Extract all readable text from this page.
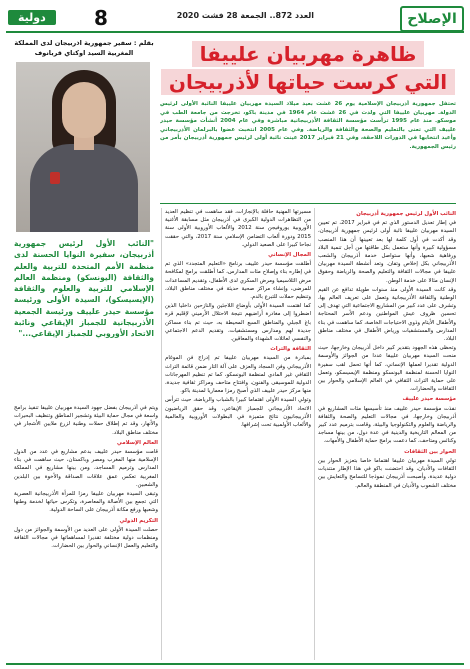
الإصلاح
العدد 872.. الجمعة 28 فشت 2020
8
دولية
بقلم : سفير جمهورية اذربيجان لدى المملكة المغربية السيد اوكتاي قربانوف
"النائب الأول لرئيس جمهورية أذربيجان، سفيرة النوايا الحسنة لدى منظمة الأمم المتحدة للتربية والعلم والثقافة (اليونسكو) ومنظمة العالم الإسلامي للتربية والعلوم والثقافة (الإيسيسكو)، السيدة الأولى ورئيسة مؤسسة حيدر علييف ورئيسة الجمعية الأذربيجانية للجمباز الإيقاعي ونائبة الاتحاد الأوروبي للجمباز الإيقاعي..."
ظاهرة مهربيان علييفا
التي كرست حياتها لأذربيجان
تحتفل جمهورية أذربيجان الإسلامية يوم 26 غشت بعيد ميلاد السيدة مهربيان علييفا النائبة الأولى لرئيس الدولة. مهربيان علييفا التي ولدت في 26 غشت عام 1964 في مدينة باكو، تخرجت من جامعة الطب في موسكو. منذ عام 1995 ترأست مؤسسة الثقافة الأذربيجانية مباشرة وفي عام 2004 أنشأت مؤسسة حيدر علييف التي تعنى بالتعليم والصحة والثقافة والرياضة. وفي عام 2005 انتخبت عضوا بالبرلمان الأذربيجاني وأعيد انتخابها في الدورات اللاحقة، وفي 21 فبراير 2017 عينت نائبة أولى لرئيس جمهورية أذربيجان بأمر من رئيس الجمهورية.

النائب الأول لرئيس جمهورية أذربيجان

في إطار تعديل الدستور الذي تم في فبراير 2017، تم تعيين السيدة مهربيان علييفا نائبة أولى لرئيس جمهورية أذربيجان، وقد أكدت في أول كلمة لها بعد تعيينها أن هذا المنصب مسؤولية كبيرة وأنها ستعمل بكل طاقتها من أجل تنمية البلاد ورفاهية شعبها، وأنها ستواصل خدمة أذربيجان والشعب الأذربيجاني بكل إخلاص وتفان. وتعد أنشطة السيدة مهربيان علييفا في مجالات الثقافة والتعليم والصحة والرياضة وحقوق الإنسان مثالا على خدمة الوطن.

وقد كانت السيدة الأولى منذ سنوات طويلة تدافع عن القيم الوطنية والثقافة الأذربيجانية وتعمل على تعريف العالم بها، وتشرف على عدد كبير من المشاريع الاجتماعية التي تهدف إلى تحسين ظروف عيش المواطنين ودعم الأسر المحتاجة والأطفال الأيتام وذوي الاحتياجات الخاصة، كما ساهمت في بناء المدارس والمستشفيات ورياض الأطفال في مختلف مناطق البلاد.

وتحظى هذه الجهود بتقدير كبير داخل أذربيجان وخارجها، حيث منحت السيدة مهربيان علييفا عددا من الجوائز والأوسمة الدولية تقديرا لعملها الإنساني، كما أنها تحمل لقب سفيرة النوايا الحسنة لمنظمة اليونسكو ومنظمة الإيسيسكو، وتعمل على حماية التراث الثقافي في العالم الإسلامي والحوار بين الثقافات والحضارات.

مؤسسة حيدر علييف

نفذت مؤسسة حيدر علييف منذ تأسيسها مئات المشاريع في أذربيجان وخارجها، في مجالات التعليم والصحة والثقافة والرياضة والعلوم والتكنولوجيا والبيئة، وقامت بترميم عدد كبير من المعالم التاريخية والدينية في عدة دول، من بينها مساجد وكنائس ومتاحف، كما دعمت برامج حماية الأطفال والأمهات.

الحوار بين الثقافات

تولي السيدة مهربيان علييفا اهتماما خاصا بتعزيز الحوار بين الثقافات والأديان، وقد احتضنت باكو في هذا الإطار منتديات دولية عديدة، وأصبحت أذربيجان نموذجا للتسامح والتعايش بين مختلف الشعوب والأديان في المنطقة والعالم.

مسيرتها المهنية حافلة بالإنجازات، فقد ساهمت في تنظيم العديد من التظاهرات الدولية الكبرى في أذربيجان مثل مسابقة الأغنية الأوروبية يوروفيجن سنة 2012 والألعاب الأوروبية الأولى سنة 2015 ودورة ألعاب التضامن الإسلامي سنة 2017، والتي حققت نجاحا كبيرا على الصعيد الدولي.

المجال الإنساني

أطلقت مؤسسة حيدر علييف برنامج «التعليم المتجدد» الذي تم في إطاره بناء وإصلاح مئات المدارس، كما أطلقت برامج لمكافحة مرض الثلاسيميا ومرض السكري لدى الأطفال، وتقديم المساعدات للمرضى، وإنشاء مراكز صحية حديثة في مختلف مناطق البلاد، وتنظيم حملات للتبرع بالدم.

كما اهتمت السيدة الأولى بأوضاع اللاجئين والنازحين داخليا الذين اضطروا إلى مغادرة أراضيهم نتيجة الاحتلال الأرميني لإقليم قره باغ الجبلي والمناطق السبع المحيطة به، حيث تم بناء مساكن جديدة لهم ومدارس ومستشفيات، وتقديم الدعم الاجتماعي والنفسي لعائلات الشهداء والمعاقين.

الثقافة والتراث

بمبادرة من السيدة مهربيان علييفا تم إدراج فن الموغام الأذربيجاني وفن السجاد والعزف على آلة التار ضمن قائمة التراث الثقافي غير المادي لمنظمة اليونسكو، كما تم تنظيم المهرجانات الدولية للموسيقى والفنون، وافتتاح متاحف ومراكز ثقافية جديدة، منها مركز حيدر علييف الذي أصبح رمزا معماريا لمدينة باكو.

وتولي السيدة الأولى اهتماما كبيرا بالشباب والرياضة، حيث تترأس الاتحاد الأذربيجاني للجمباز الإيقاعي، وقد حقق الرياضيون الأذربيجانيون نتائج متميزة في البطولات الأوروبية والعالمية والألعاب الأولمبية تحت إشرافها.

ويتم في أذربيجان بفضل جهود السيدة مهربيان علييفا تنفيذ برامج واسعة في مجال حماية البيئة وتشجير المناطق وتنظيف البحيرات والأنهار، وقد تم إطلاق حملات وطنية لزرع ملايين الأشجار في مختلف مناطق البلاد.

العالم الإسلامي

قامت مؤسسة حيدر علييف بدعم مشاريع في عدد من الدول الإسلامية منها المغرب ومصر وباكستان، حيث ساهمت في بناء المدارس وترميم المساجد، ومن بينها مشاريع في المملكة المغربية تعكس عمق علاقات الصداقة والأخوة بين البلدين والشعبين.

وتبقى السيدة مهربيان علييفا رمزا للمرأة الأذربيجانية العصرية التي تجمع بين الأصالة والمعاصرة، وتكرس حياتها لخدمة وطنها وشعبها ورفع مكانة أذربيجان على الساحة الدولية.

التكريم الدولي

حصلت السيدة الأولى على العديد من الأوسمة والجوائز من دول ومنظمات دولية مختلفة تقديرا لمساهماتها في مجالات الثقافة والتعليم والعمل الإنساني والحوار بين الحضارات.
